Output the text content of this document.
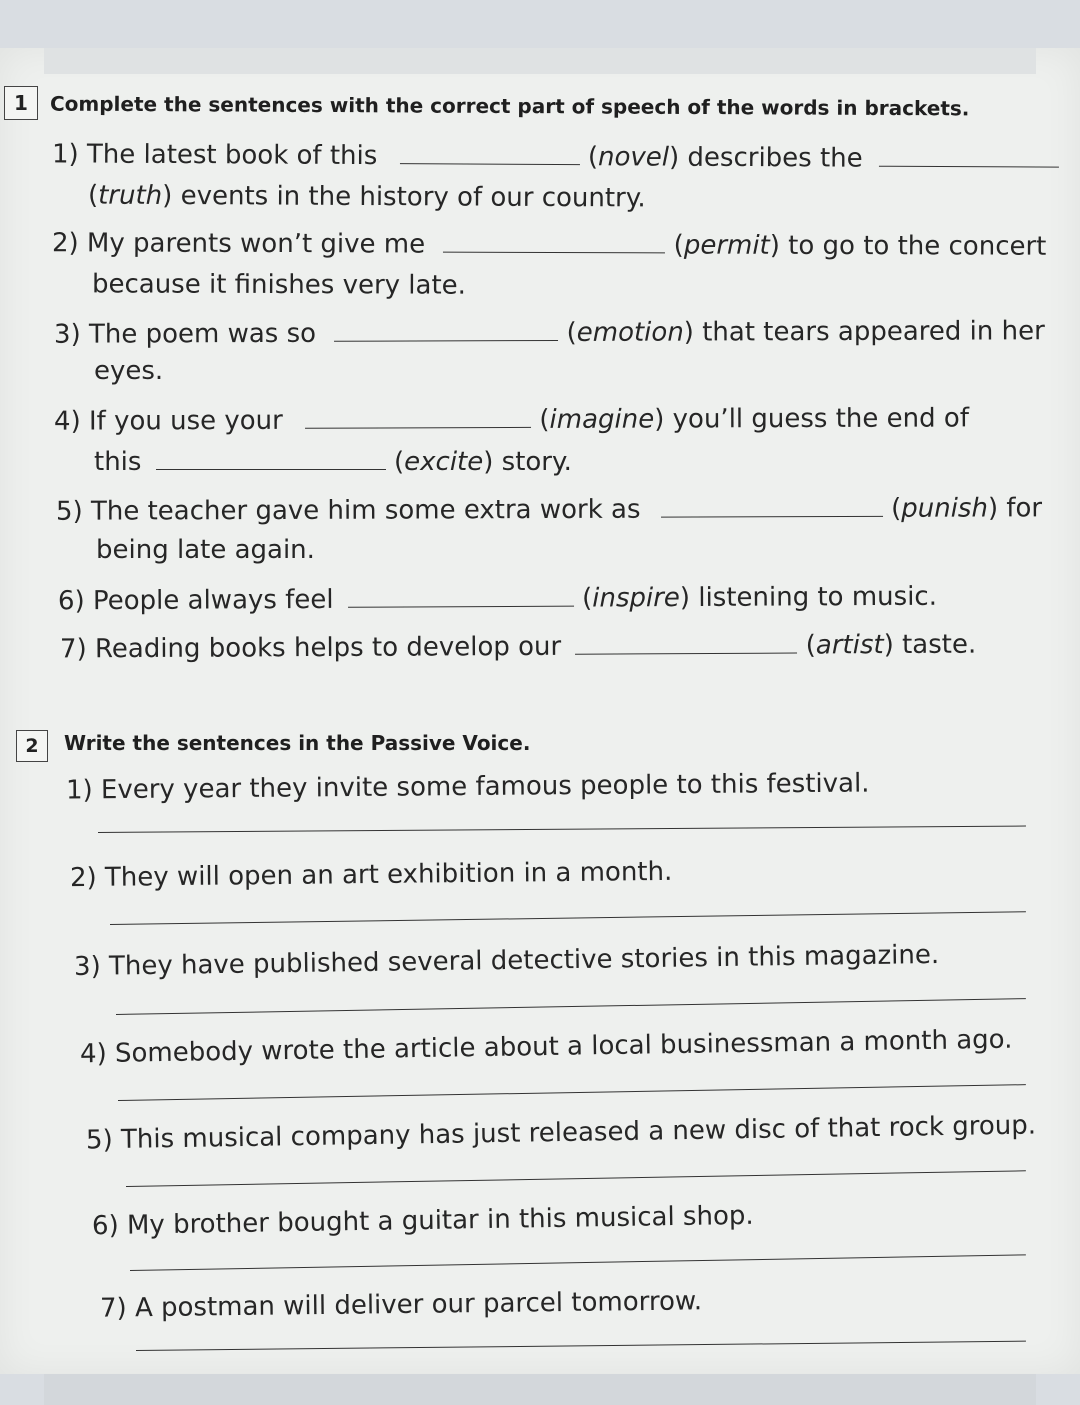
1	Complete the sentences with the correct part of speech of the words in brackets.
1) The latest book of this	(novel) describes the
(truth) events in the history of our country.
2) My parents won’t give me	(permit) to go to the concert
because it finishes very late.
3) The poem was so	(emotion) that tears appeared in her
eyes.
4) If you use your	(imagine) you’ll guess the end of
this	(excite) story.
5) The teacher gave him some extra work as	(punish) for
being late again.
6) People always feel	(inspire) listening to music.
7) Reading books helps to develop our	(artist) taste.
2	Write the sentences in the Passive Voice.
1) Every year they invite some famous people to this festival.
2) They will open an art exhibition in a month.
3) They have published several detective stories in this magazine.
4) Somebody wrote the article about a local businessman a month ago.
5) This musical company has just released a new disc of that rock group.
6) My brother bought a guitar in this musical shop.
7) A postman will deliver our parcel tomorrow.
